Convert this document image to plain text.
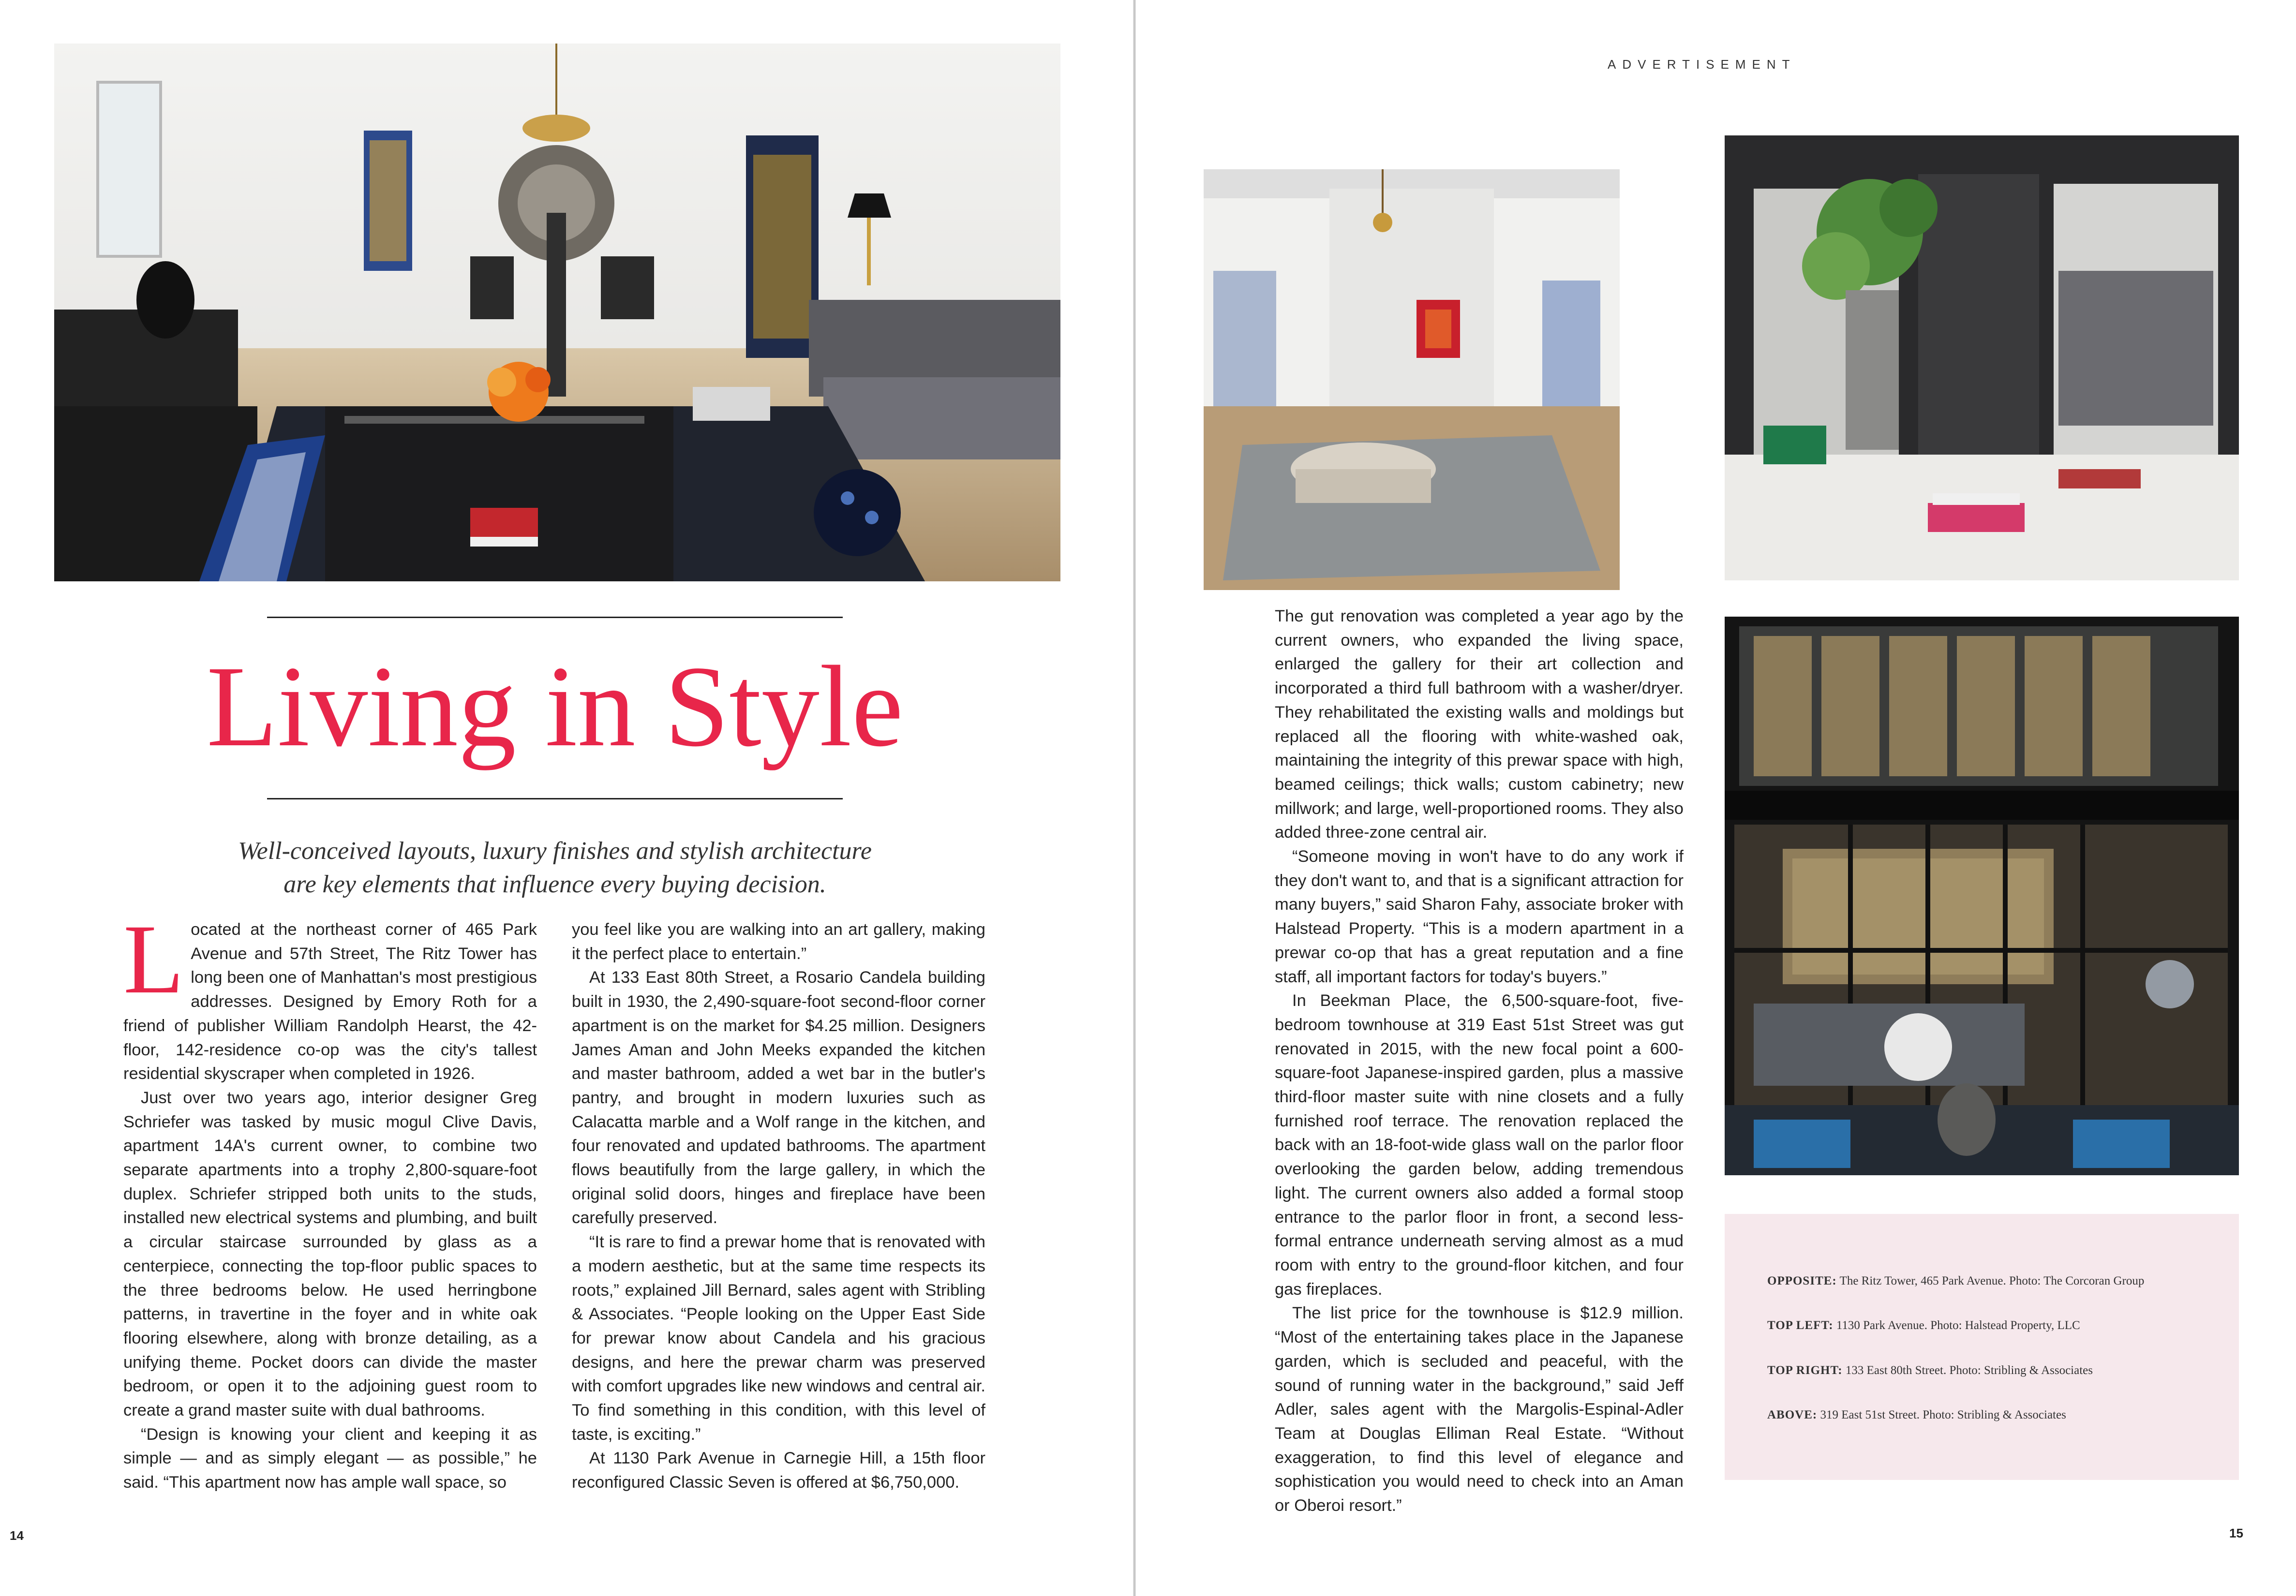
Living in Style
Well-conceived layouts, luxury finishes and stylish architecture
are key elements that influence every buying decision.

Located at the northeast corner of 465 Park Avenue and 57th Street, The Ritz Tower has long been one of Manhattan's most prestigious addresses. Designed by Emory Roth for a friend of publisher William Randolph Hearst, the 42-floor, 142-residence co-op was the city's tallest residential skyscraper when completed in 1926.

Just over two years ago, interior designer Greg Schriefer was tasked by music mogul Clive Davis, apartment 14A's current owner, to combine two separate apartments into a trophy 2,800-square-foot duplex. Schriefer stripped both units to the studs, installed new electrical systems and plumbing, and built a circular staircase surrounded by glass as a centerpiece, connecting the top-floor public spaces to the three bedrooms below. He used herringbone patterns, in travertine in the foyer and in white oak flooring elsewhere, along with bronze detailing, as a unifying theme. Pocket doors can divide the master bedroom, or open it to the adjoining guest room to create a grand master suite with dual bathrooms.

“Design is knowing your client and keeping it as simple — and as simply elegant — as possible,” he said. “This apartment now has ample wall space, so

you feel like you are walking into an art gallery, making it the perfect place to entertain.”

At 133 East 80th Street, a Rosario Candela building built in 1930, the 2,490-square-foot second-floor corner apartment is on the market for $4.25 million. Designers James Aman and John Meeks expanded the kitchen and master bathroom, added a wet bar in the butler's pantry, and brought in modern luxuries such as Calacatta marble and a Wolf range in the kitchen, and four renovated and updated bathrooms. The apartment flows beautifully from the large gallery, in which the original solid doors, hinges and fireplace have been carefully preserved.

“It is rare to find a prewar home that is renovated with a modern aesthetic, but at the same time respects its roots,” explained Jill Bernard, sales agent with Stribling & Associates. “People looking on the Upper East Side for prewar know about Candela and his gracious designs, and here the prewar charm was preserved with comfort upgrades like new windows and central air. To find something in this condition, with this level of taste, is exciting.”

At 1130 Park Avenue in Carnegie Hill, a 15th floor reconfigured Classic Seven is offered at $6,750,000.

14
ADVERTISEMENT

The gut renovation was completed a year ago by the current owners, who expanded the living space, enlarged the gallery for their art collection and incorporated a third full bathroom with a washer/dryer. They rehabilitated the existing walls and moldings but replaced all the flooring with white-washed oak, maintaining the integrity of this prewar space with high, beamed ceilings; thick walls; custom cabinetry; new millwork; and large, well-proportioned rooms. They also added three-zone central air.

“Someone moving in won't have to do any work if they don't want to, and that is a significant attraction for many buyers,” said Sharon Fahy, associate broker with Halstead Property. “This is a modern apartment in a prewar co-op that has a great reputation and a fine staff, all important factors for today's buyers.”

In Beekman Place, the 6,500-square-foot, five-bedroom townhouse at 319 East 51st Street was gut renovated in 2015, with the new focal point a 600-square-foot Japanese-inspired garden, plus a massive third-floor master suite with nine closets and a fully furnished roof terrace. The renovation replaced the back with an 18-foot-wide glass wall on the parlor floor overlooking the garden below, adding tremendous light. The current owners also added a formal stoop entrance to the parlor floor in front, a second less-formal entrance underneath serving almost as a mud room with entry to the ground-floor kitchen, and four gas fireplaces.

The list price for the townhouse is $12.9 million. “Most of the entertaining takes place in the Japanese garden, which is secluded and peaceful, with the sound of running water in the background,” said Jeff Adler, sales agent with the Margolis-Espinal-Adler Team at Douglas Elliman Real Estate. “Without exaggeration, to find this level of elegance and sophistication you would need to check into an Aman or Oberoi resort.”

OPPOSITE: The Ritz Tower, 465 Park Avenue. Photo: The Corcoran Group
TOP LEFT: 1130 Park Avenue. Photo: Halstead Property, LLC
TOP RIGHT: 133 East 80th Street. Photo: Stribling & Associates
ABOVE: 319 East 51st Street. Photo: Stribling & Associates
15
